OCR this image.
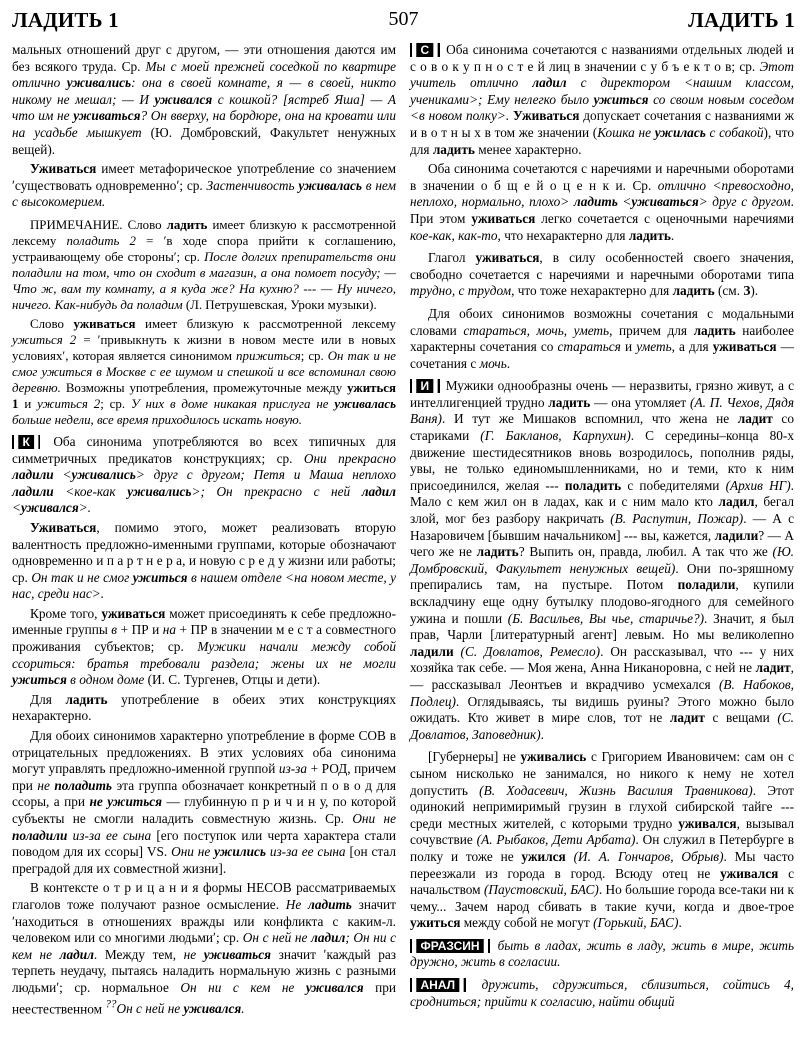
ЛАДИТЬ 1	507	ЛАДИТЬ 1

мальных отношений друг с другом, — эти отношения даются им без всякого труда. Ср. Мы с моей прежней соседкой по квартире отлично уживались: она в своей комнате, я — в своей, никто никому не мешал; — И уживался с кошкой? [ястреб Яша] — А что им не уживаться? Он вверху, на бордюре, она на кровати или на усадьбе мышкует (Ю. Домбровский, Факультет ненужных вещей).

Уживаться имеет метафорическое употребление со значением ʹсуществовать одновременноʹ; ср. Застенчивость уживалась в нем с высокомерием.

ПРИМЕЧАНИЕ. Слово ладить имеет близкую к рассмотренной лексему поладить 2 = ʹв ходе спора прийти к соглашению, устраивающему обе стороныʹ; ср. После долгих препирательств они поладили на том, что он сходит в магазин, а она помоет посуду; — Что ж, вам ту комнату, а я куда же? На кухню? --- — Ну ничего, ничего. Как-нибудь да поладим (Л. Петрушевская, Уроки музыки).

Слово уживаться имеет близкую к рассмотренной лексему ужиться 2 = ʹпривыкнуть к жизни в новом месте или в новых условияхʹ, которая является синонимом прижиться; ср. Он так и не смог ужиться в Москве с ее шумом и спешкой и все вспоминал свою деревню. Возможны употребления, промежуточные между ужиться 1 и ужиться 2; ср. У них в доме никакая прислуга не уживалась больше недели, все время приходилось искать новую.

▌К▐ Оба синонима употребляются во всех типичных для симметричных предикатов конструкциях; ср. Они прекрасно ладили <уживались> друг с другом; Петя и Маша неплохо ладили <кое-как уживались>; Он прекрасно с ней ладил <уживался>.

Уживаться, помимо этого, может реализовать вторую валентность предложно-именными группами, которые обозначают одновременно и п а р т н е р а, и новую с р е д у жизни или работы; ср. Он так и не смог ужиться в нашем отделе <на новом месте, у нас, среди нас>.

Кроме того, уживаться может присоединять к себе предложно-именные группы в + ПР и на + ПР в значении м е с т а совместного проживания субъектов; ср. Мужики начали между собой ссориться: братья требовали раздела; жены их не могли ужиться в одном доме (И. С. Тургенев, Отцы и дети).

Для ладить употребление в обеих этих конструкциях нехарактерно.

Для обоих синонимов характерно употребление в форме СОВ в отрицательных предложениях. В этих условиях оба синонима могут управлять предложно-именной группой из-за + РОД, причем при не поладить эта группа обозначает конкретный п о в о д для ссоры, а при не ужиться — глубинную п р и ч и н у, по которой субъекты не смогли наладить совместную жизнь. Ср. Они не поладили из-за ее сына [его поступок или черта характера стали поводом для их ссоры] VS. Они не ужились из-за ее сына [он стал преградой для их совместной жизни].

В контексте о т р и ц а н и я формы НЕСОВ рассматриваемых глаголов тоже получают разное осмысление. Не ладить значит ʹнаходиться в отношениях вражды или конфликта с каким-л. человеком или со многими людьмиʹ; ср. Он с ней не ладил; Он ни с кем не ладил. Между тем, не уживаться значит ʹкаждый раз терпеть неудачу, пытаясь наладить нормальную жизнь с разными людьмиʹ; ср. нормальное Он ни с кем не уживался при неестественном ??Он с ней не уживался.

▌С▐ Оба синонима сочетаются с названиями отдельных людей и с о в о к у п н о с т е й лиц в значении с у б ъ е к т о в; ср. Этот учитель отлично ладил с директором <нашим классом, учениками>; Ему нелегко было ужиться со своим новым соседом <в новом полку>. Уживаться допускает сочетания с названиями ж и в о т н ы х в том же значении (Кошка не ужилась с собакой), что для ладить менее характерно.

Оба синонима сочетаются с наречиями и наречными оборотами в значении о б щ е й о ц е н к и. Ср. отлично <превосходно, неплохо, нормально, плохо> ладить <уживаться> друг с другом. При этом уживаться легко сочетается с оценочными наречиями кое-как, как-то, что нехарактерно для ладить.

Глагол уживаться, в силу особенностей своего значения, свободно сочетается с наречиями и наречными оборотами типа трудно, с трудом, что тоже нехарактерно для ладить (см. З).

Для обоих синонимов возможны сочетания с модальными словами стараться, мочь, уметь, причем для ладить наиболее характерны сочетания со стараться и уметь, а для уживаться — сочетания с мочь.

▌И▐ Мужики однообразны очень — неразвиты, грязно живут, а с интеллигенцией трудно ладить — она утомляет (А. П. Чехов, Дядя Ваня). И тут же Мишаков вспомнил, что жена не ладит со стариками (Г. Бакланов, Карпухин). С середины–конца 80-х движение шестидесятников вновь возродилось, пополнив ряды, увы, не только единомышленниками, но и теми, кто к ним присоединился, желая --- поладить с победителями (Архив НГ). Мало с кем жил он в ладах, как и с ним мало кто ладил, бегал злой, мог без разбору накричать (В. Распутин, Пожар). — А с Назаровичем [бывшим начальником] --- вы, кажется, ладили? — А чего же не ладить? Выпить он, правда, любил. А так что же (Ю. Домбровский, Факультет ненужных вещей). Они по-зряшному препирались там, на пустыре. Потом поладили, купили вскладчину еще одну бутылку плодово-ягодного для семейного ужина и пошли (Б. Васильев, Вы чье, старичье?). Значит, я был прав, Чарли [литературный агент] левым. Но мы великолепно ладили (С. Довлатов, Ремесло). Он рассказывал, что --- у них хозяйка так себе. — Моя жена, Анна Никаноровна, с ней не ладит, — рассказывал Леонтьев и вкрадчиво усмехался (В. Набоков, Подлец). Оглядываясь, ты видишь руины? Этого можно было ожидать. Кто живет в мире слов, тот не ладит с вещами (С. Довлатов, Заповедник).

[Губернеры] не уживались с Григорием Ивановичем: сам он с сыном нисколько не занимался, но никого к нему не хотел допустить (В. Ходасевич, Жизнь Василия Травникова). Этот одинокий непримиримый грузин в глухой сибирской тайге --- среди местных жителей, с которыми трудно уживался, вызывал сочувствие (А. Рыбаков, Дети Арбата). Он служил в Петербурге в полку и тоже не ужился (И. А. Гончаров, Обрыв). Мы часто переезжали из города в город. Всюду отец не уживался с начальством (Паустовский, БАС). Но большие города все-таки ни к чему... Зачем народ сбивать в такие кучи, когда и двое-трое ужиться между собой не могут (Горький, БАС).

▌ФРАЗСИН▐ быть в ладах, жить в ладу, жить в мире, жить дружно, жить в согласии.

▌АНАЛ▐ дружить, сдружиться, сблизиться, сойтись 4, сродниться; прийти к согласию, найти общий
